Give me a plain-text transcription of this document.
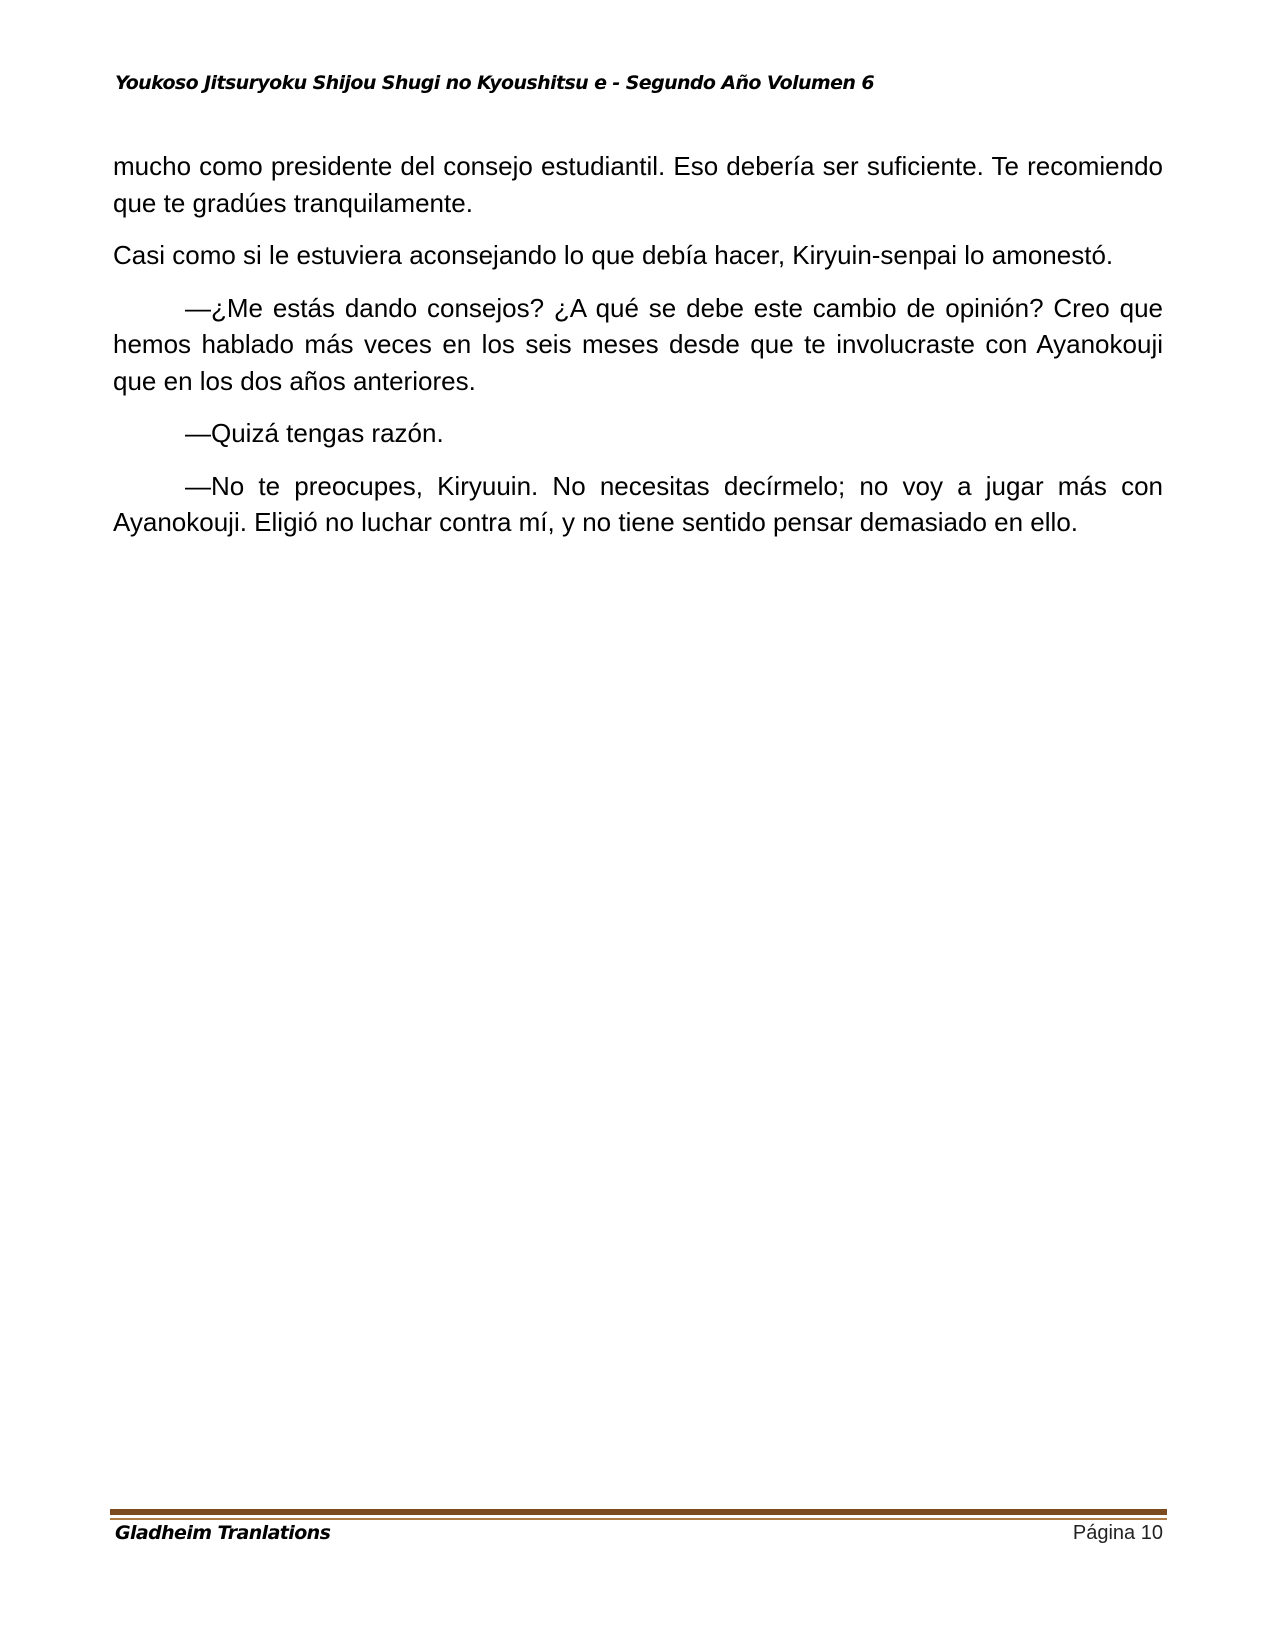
Youkoso Jitsuryoku Shijou Shugi no Kyoushitsu e - Segundo Año Volumen 6

mucho como presidente del consejo estudiantil. Eso debería ser suficiente. Te recomiendo que te gradúes tranquilamente.

Casi como si le estuviera aconsejando lo que debía hacer, Kiryuin-senpai lo amonestó.

—¿Me estás dando consejos? ¿A qué se debe este cambio de opinión? Creo que hemos hablado más veces en los seis meses desde que te involucraste con Ayanokouji que en los dos años anteriores.

—Quizá tengas razón.

—No te preocupes, Kiryuuin. No necesitas decírmelo; no voy a jugar más con Ayanokouji. Eligió no luchar contra mí, y no tiene sentido pensar demasiado en ello.

Gladheim Tranlations	Página 10
